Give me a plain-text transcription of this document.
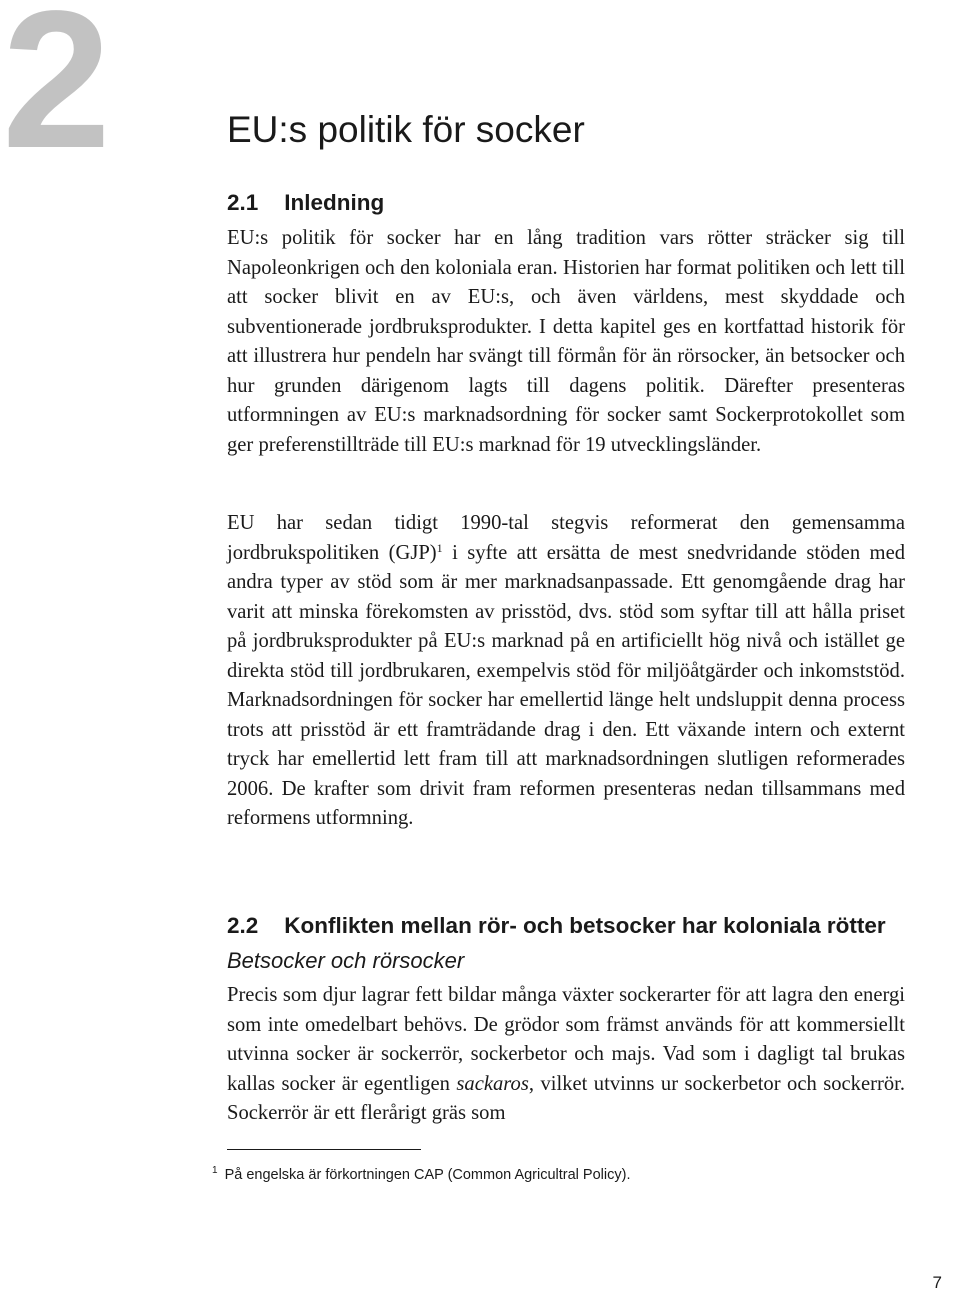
2	EU:s politik för socker
2.1 Inledning

EU:s politik för socker har en lång tradition vars rötter sträcker sig till Napoleonkrigen och den koloniala eran. Historien har format politiken och lett till att socker blivit en av EU:s, och även världens, mest skyddade och subventionerade jordbruksprodukter. I detta kapitel ges en kortfattad historik för att illustrera hur pendeln har svängt till förmån för än rörsocker, än betsocker och hur grunden därigenom lagts till dagens politik. Därefter presenteras utformningen av EU:s marknadsordning för socker samt Sockerprotokollet som ger preferenstillträde till EU:s marknad för 19 utvecklingsländer.

EU har sedan tidigt 1990-tal stegvis reformerat den gemensamma jordbrukspolitiken (GJP)$^1$ i syfte att ersätta de mest snedvridande stöden med andra typer av stöd som är mer marknadsanpassade. Ett genomgående drag har varit att minska förekomsten av prisstöd, dvs. stöd som syftar till att hålla priset på jordbruksprodukter på EU:s marknad på en artificiellt hög nivå och istället ge direkta stöd till jordbrukaren, exempelvis stöd för miljöåtgärder och inkomststöd. Marknadsordningen för socker har emellertid länge helt undsluppit denna process trots att prisstöd är ett framträdande drag i den. Ett växande intern och externt tryck har emellertid lett fram till att marknadsordningen slutligen reformerades 2006. De krafter som drivit fram reformen presenteras nedan tillsammans med reformens utformning.

2.2 Konflikten mellan rör- och betsocker har koloniala rötter
Betsocker och rörsocker

Precis som djur lagrar fett bildar många växter sockerarter för att lagra den energi som inte omedelbart behövs. De grödor som främst används för att kommersiellt utvinna socker är sockerrör, sockerbetor och majs. Vad som i dagligt tal brukas kallas socker är egentligen sackaros, vilket utvinns ur sockerbetor och sockerrör. Sockerrör är ett flerårigt gräs som

$^1$ På engelska är förkortningen CAP (Common Agricultral Policy).

7
